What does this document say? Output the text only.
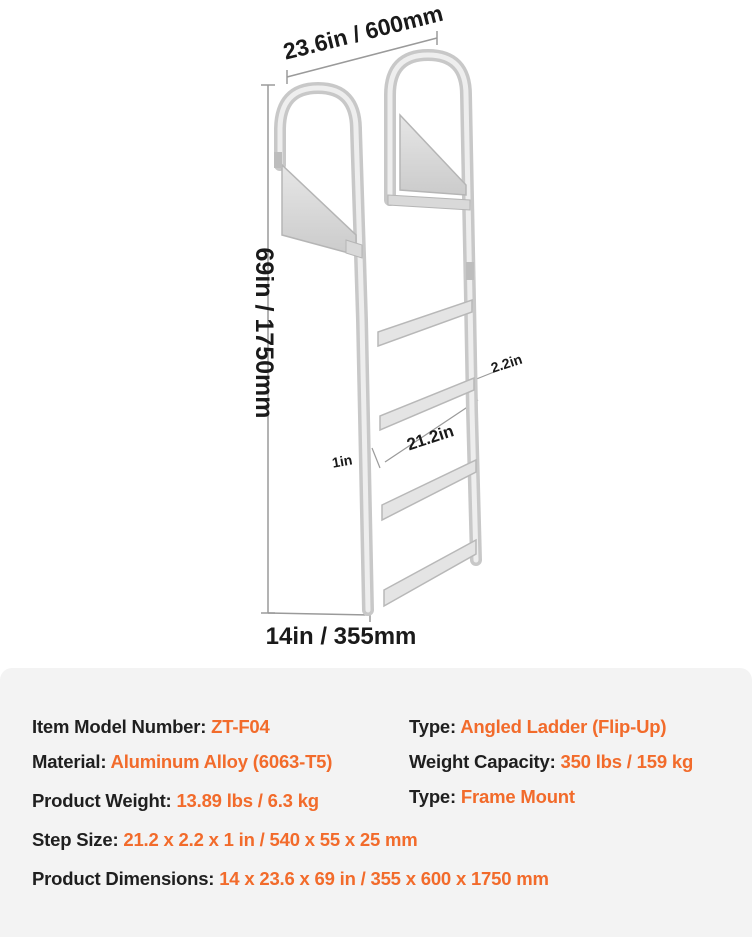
23.6in / 600mm
69in / 1750mm
14in / 355mm
2.2in
21.2in
1in
Item Model Number: ZT-F04
Material: Aluminum Alloy (6063-T5)
Product Weight: 13.89 lbs / 6.3 kg
Step Size: 21.2 x 2.2 x 1 in / 540 x 55 x 25 mm
Product Dimensions: 14 x 23.6 x 69 in / 355 x 600 x 1750 mm
Type: Angled Ladder (Flip-Up)
Weight Capacity: 350 lbs / 159 kg
Type: Frame Mount
